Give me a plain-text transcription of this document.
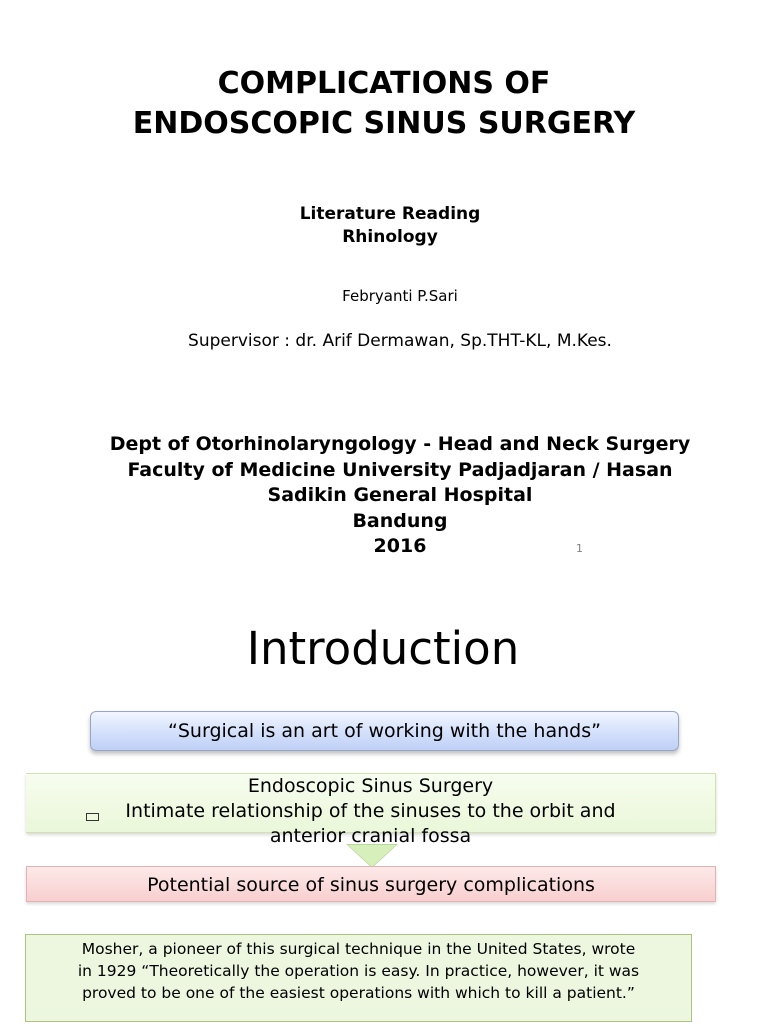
COMPLICATIONS OF
ENDOSCOPIC SINUS SURGERY
Literature Reading
Rhinology
Febryanti P.Sari
Supervisor : dr. Arif Dermawan, Sp.THT-KL, M.Kes.
Dept of Otorhinolaryngology - Head and Neck Surgery
Faculty of Medicine University Padjadjaran / Hasan
Sadikin General Hospital
Bandung
2016	1
Introduction
“Surgical is an art of working with the hands”
Endoscopic Sinus Surgery
Intimate relationship of the sinuses to the orbit and
anterior cranial fossa
Potential source of sinus surgery complications
Mosher, a pioneer of this surgical technique in the United States, wrote
in 1929 “Theoretically the operation is easy. In practice, however, it was
proved to be one of the easiest operations with which to kill a patient.”
